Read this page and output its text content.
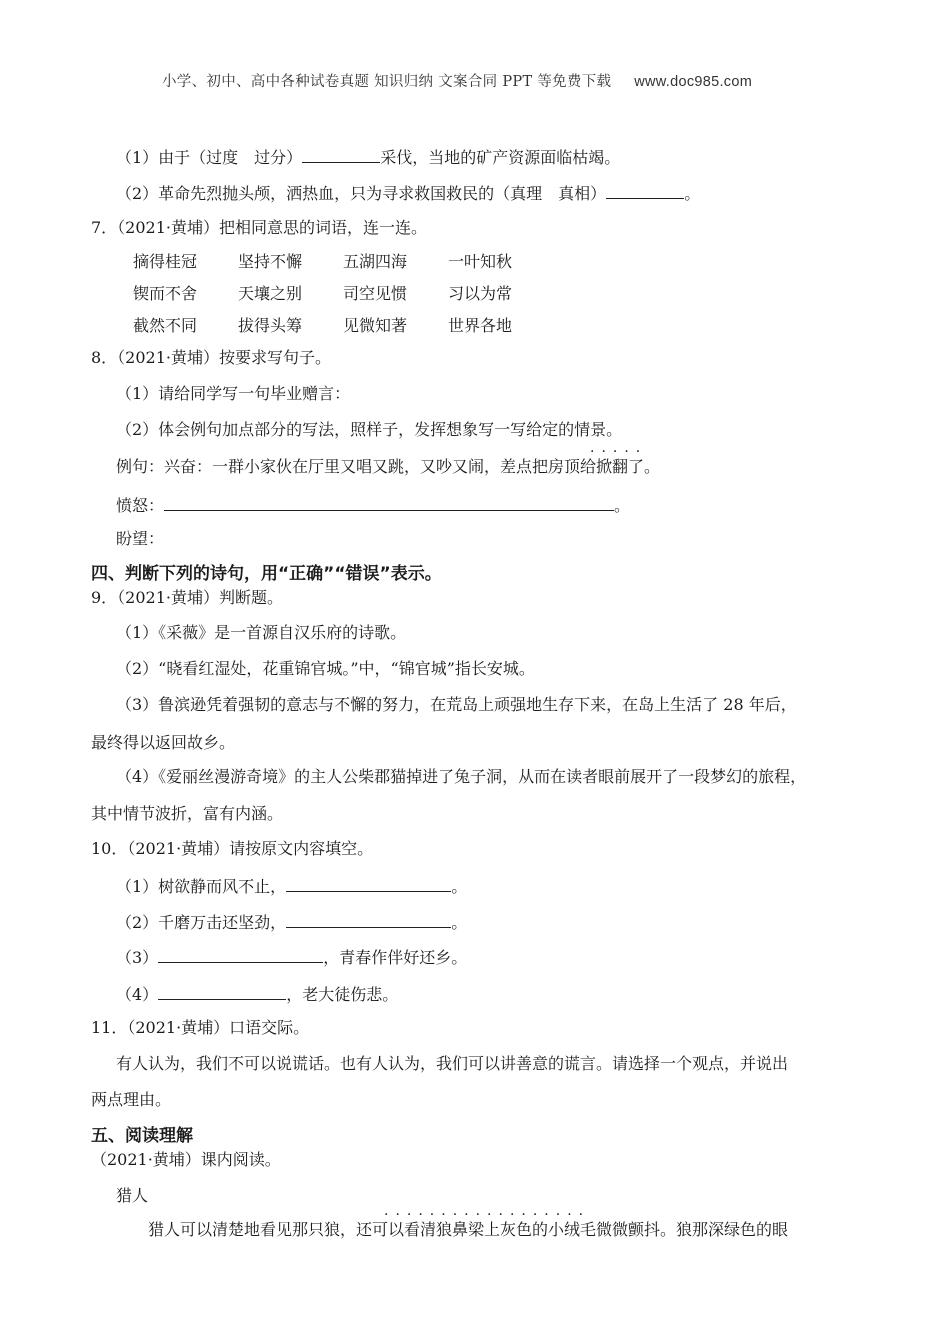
小学、初中、高中各种试卷真题 知识归纳 文案合同 PPT 等免费下载 www.doc985.com
（1）由于（过度　过分）	采伐，当地的矿产资源面临枯竭。
（2）革命先烈抛头颅，洒热血，只为寻求救国救民的（真理　真相）	。
7．（2021·黄埔）把相同意思的词语，连一连。
摘得桂冠	坚持不懈	五湖四海	一叶知秋
锲而不舍	天壤之别	司空见惯	习以为常
截然不同	拔得头筹	见微知著	世界各地
8．（2021·黄埔）按要求写句子。
（1）请给同学写一句毕业赠言：
（2）体会例句加点部分的写法，照样子，发挥想象写一写给定的情景。
· · · · ·
例句：兴奋：一群小家伙在厅里又唱又跳，又吵又闹，差点把房顶给掀翻了。
愤怒：	。
盼望：
四、判断下列的诗句，用“正确”“错误”表示。
9．（2021·黄埔）判断题。
（1）《采薇》是一首源自汉乐府的诗歌。
（2）“晓看红湿处，花重锦官城。”中，“锦官城”指长安城。
（3）鲁滨逊凭着强韧的意志与不懈的努力，在荒岛上顽强地生存下来，在岛上生活了 28 年后，
最终得以返回故乡。
（4）《爱丽丝漫游奇境》的主人公柴郡猫掉进了兔子洞，从而在读者眼前展开了一段梦幻的旅程，
其中情节波折，富有内涵。
10．（2021·黄埔）请按原文内容填空。
（1）树欲静而风不止，	。
（2）千磨万击还坚劲，	。
（3）	，青春作伴好还乡。
（4）	，老大徒伤悲。
11．（2021·黄埔）口语交际。
有人认为，我们不可以说谎话。也有人认为，我们可以讲善意的谎言。请选择一个观点，并说出
两点理由。
五、阅读理解
（2021·黄埔）课内阅读。
猎人
· · · · · · · · · · · · · · · · · ·
猎人可以清楚地看见那只狼，还可以看清狼鼻梁上灰色的小绒毛微微颤抖。狼那深绿色的眼
